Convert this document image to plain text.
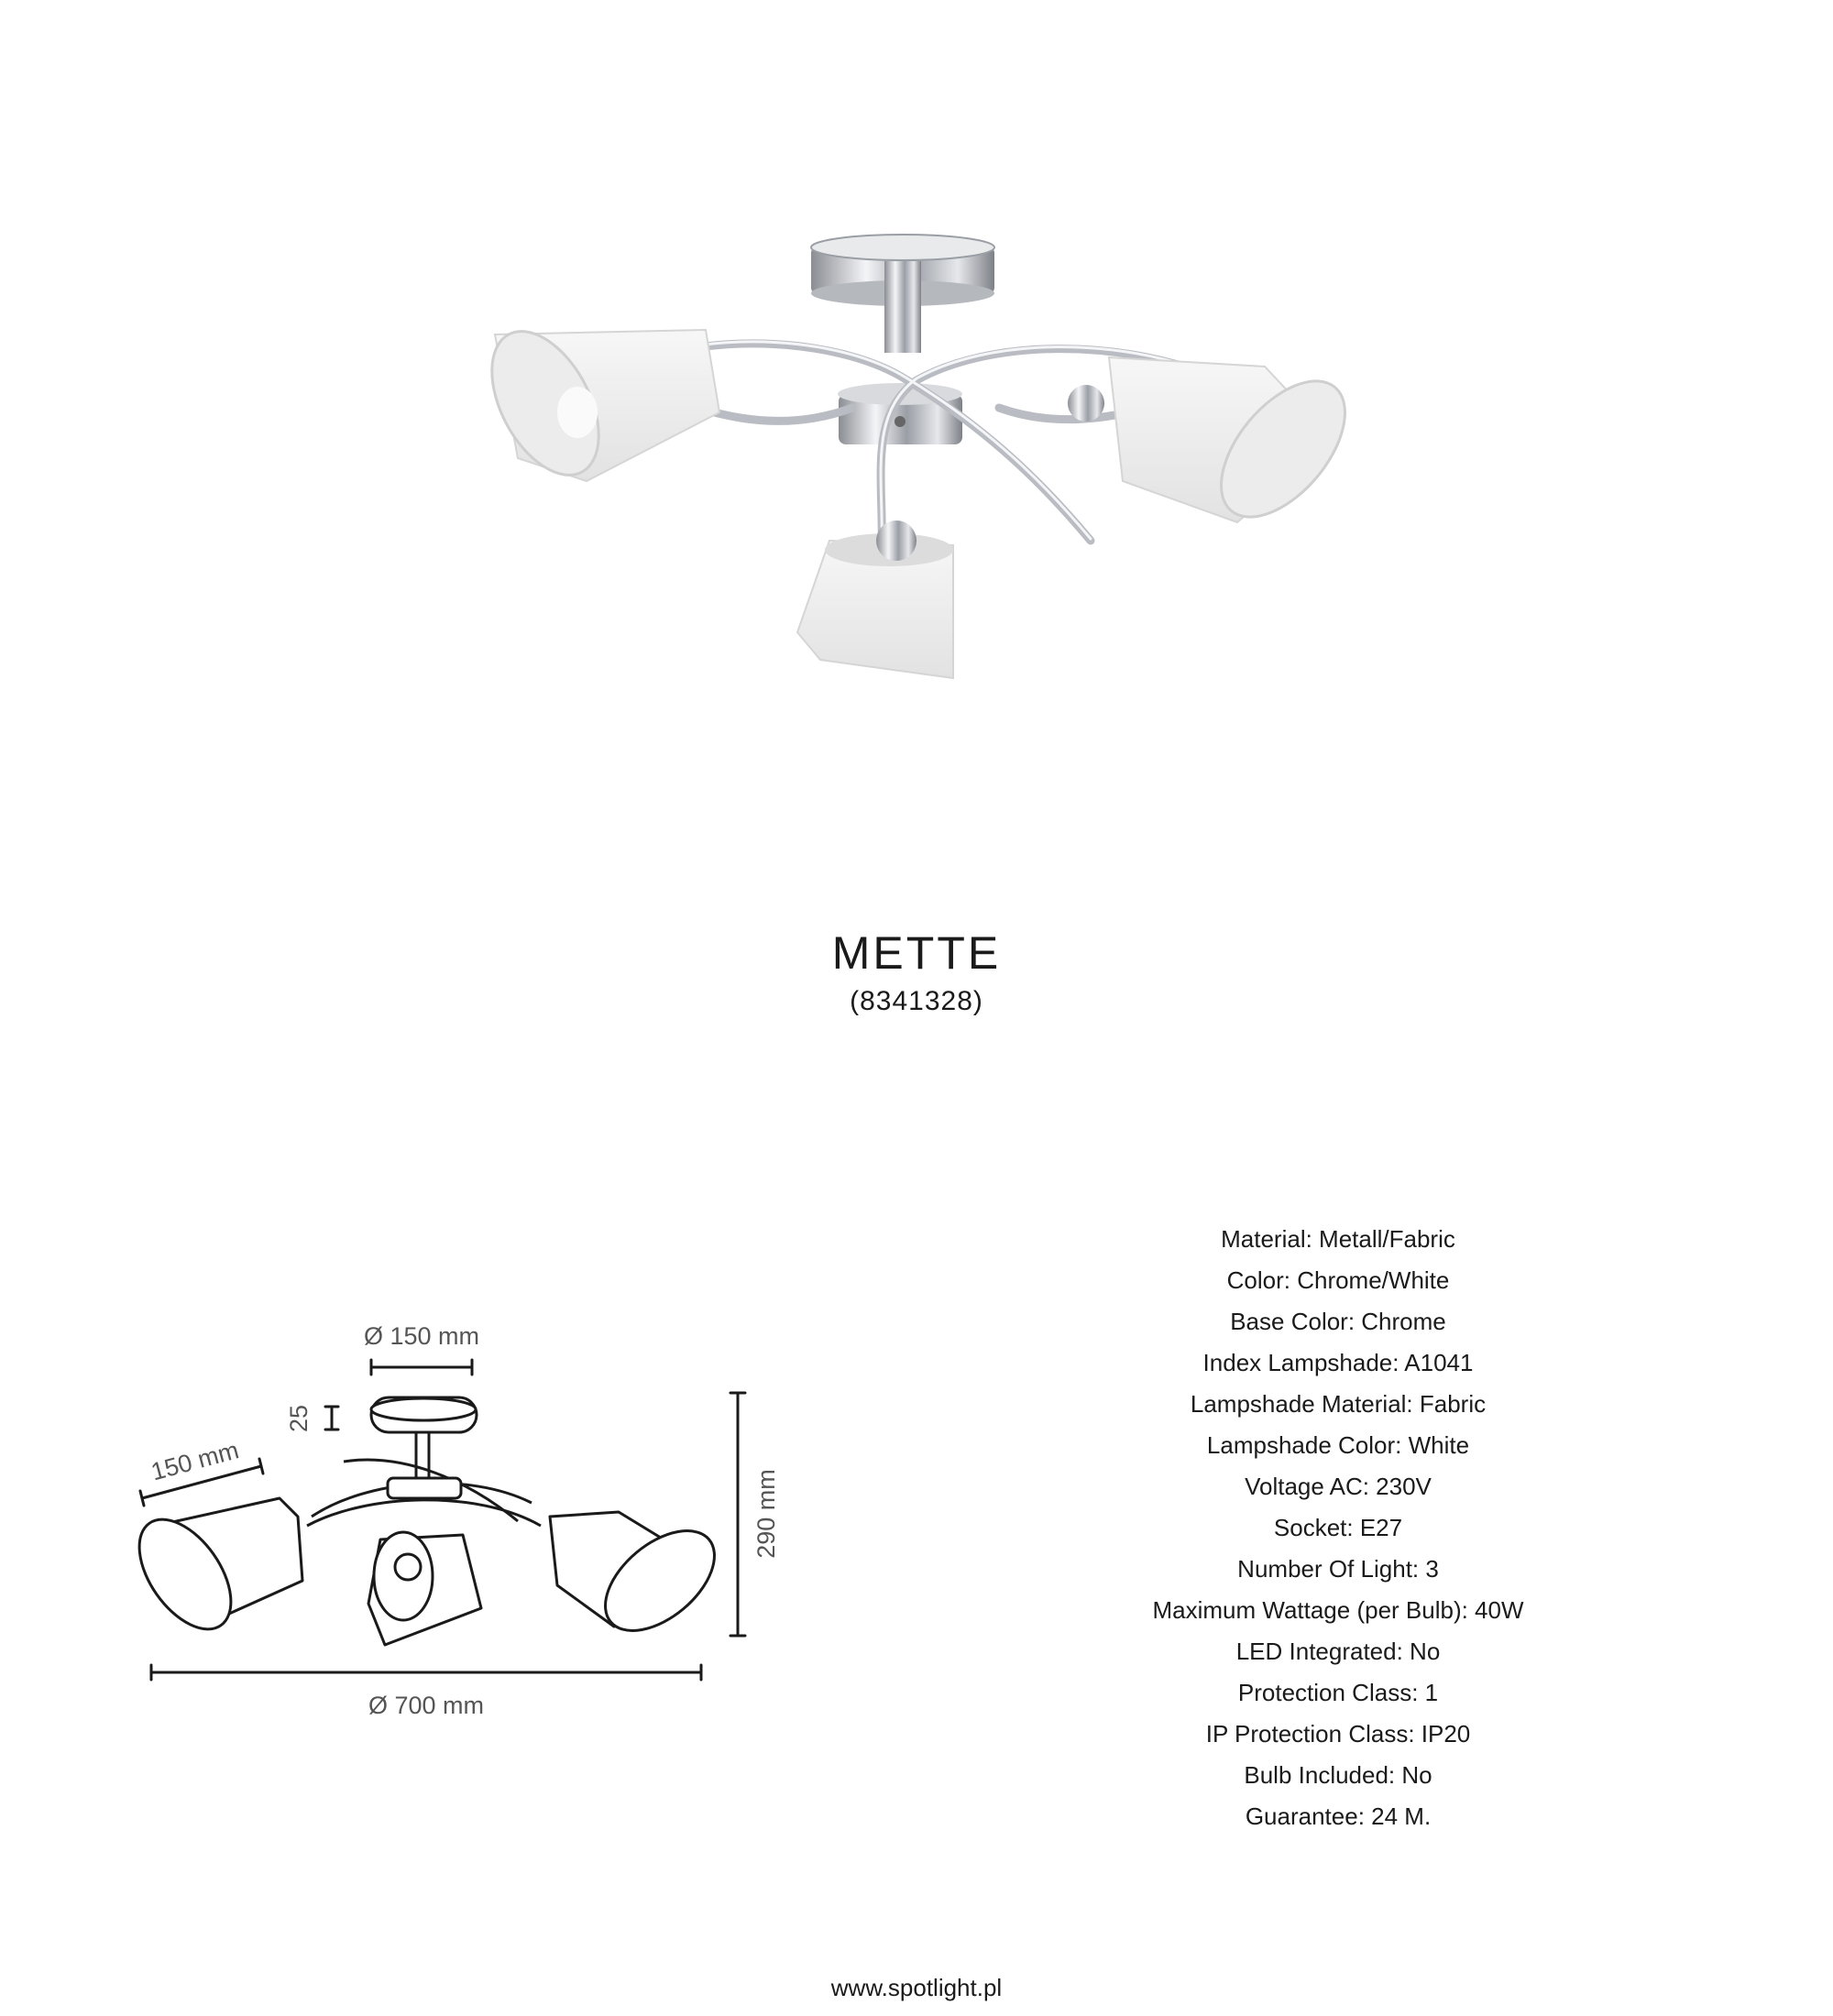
METTE
(8341328)
Ø 150 mm
25
150 mm
290 mm
Ø 700 mm
Material: Metall/Fabric
Color: Chrome/White
Base Color: Chrome
Index Lampshade: A1041
Lampshade Material: Fabric
Lampshade Color: White
Voltage AC: 230V
Socket: E27
Number Of Light: 3
Maximum Wattage (per Bulb): 40W
LED Integrated: No
Protection Class: 1
IP Protection Class: IP20
Bulb Included: No
Guarantee: 24 M.
www.spotlight.pl
